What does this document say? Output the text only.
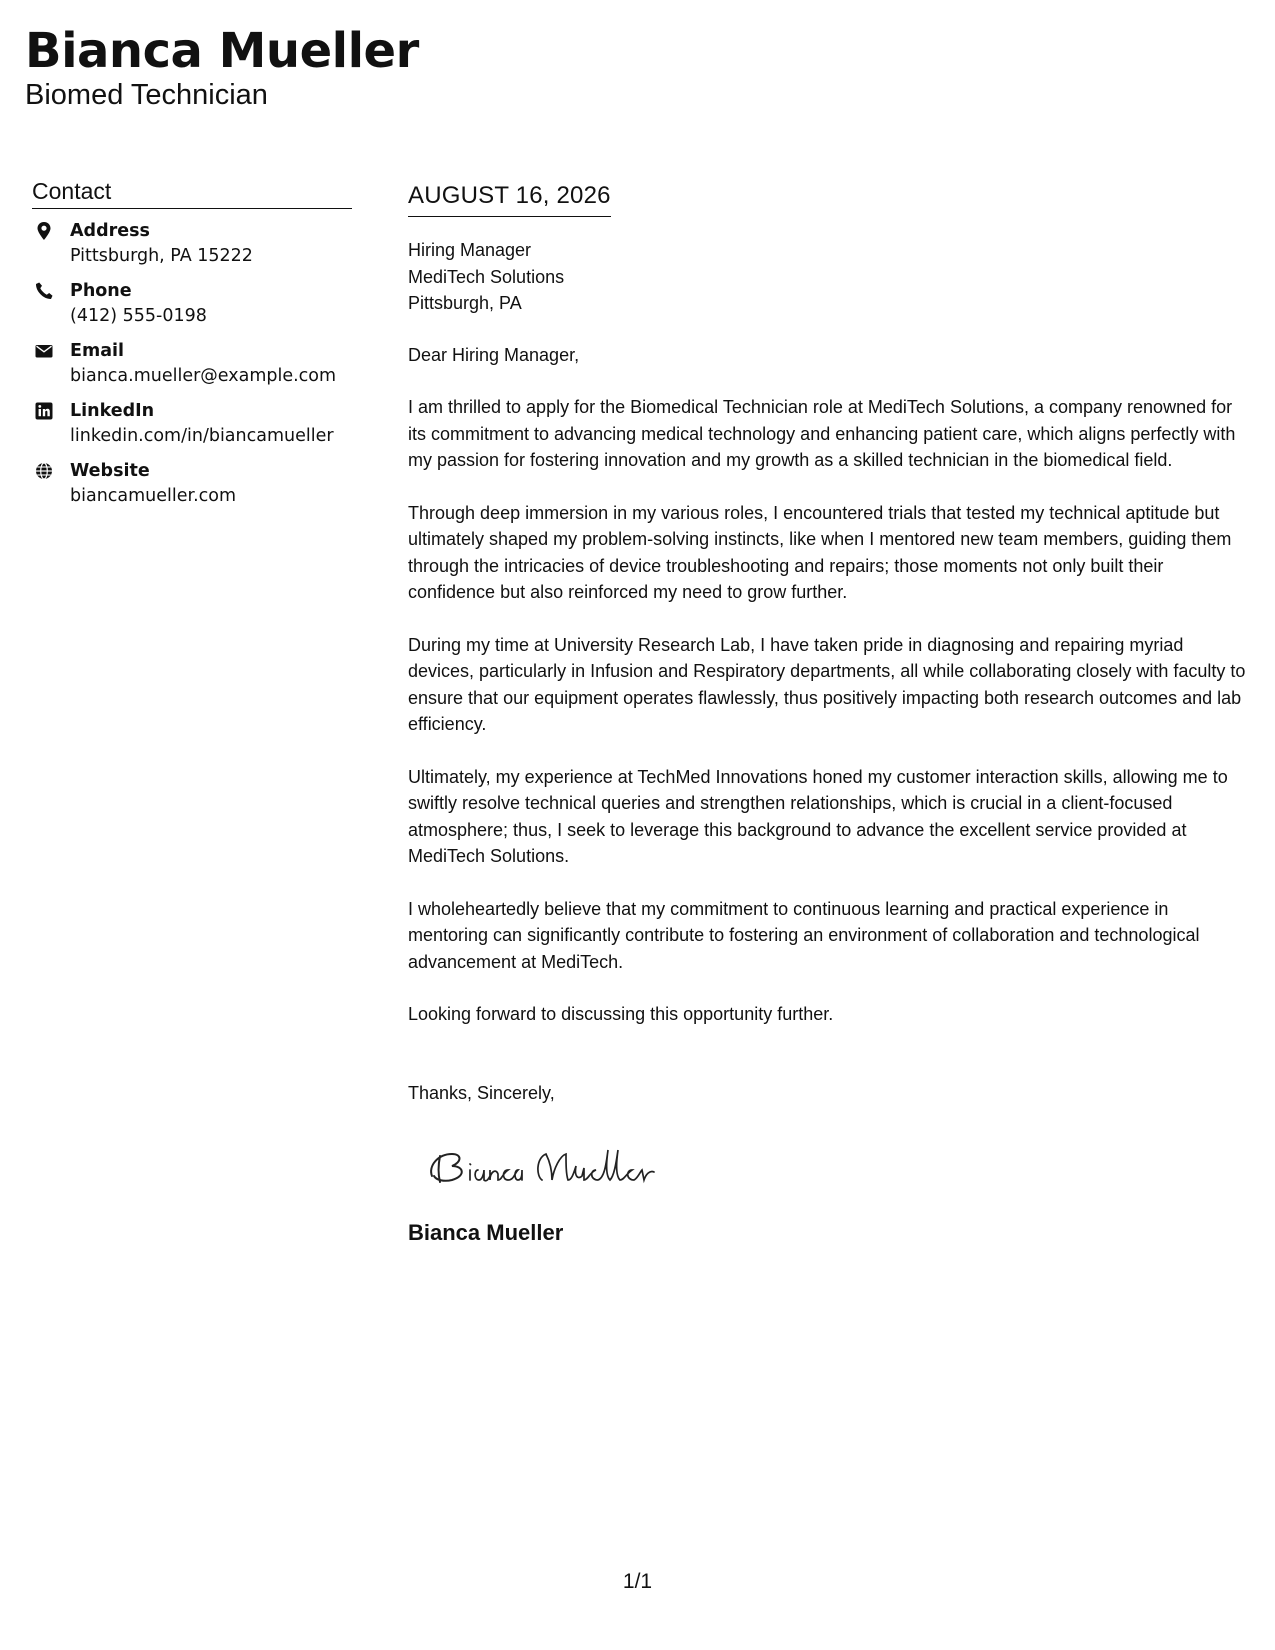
Bianca Mueller
Biomed Technician
Contact
Address
Pittsburgh, PA 15222
Phone
(412) 555-0198
Email
bianca.mueller@example.com
LinkedIn
linkedin.com/in/biancamueller
Website
biancamueller.com
AUGUST 16, 2026
Hiring Manager
MediTech Solutions
Pittsburgh, PA
Dear Hiring Manager,
I am thrilled to apply for the Biomedical Technician role at MediTech Solutions, a company renowned for its commitment to advancing medical technology and enhancing patient care, which aligns perfectly with my passion for fostering innovation and my growth as a skilled technician in the biomedical field.
Through deep immersion in my various roles, I encountered trials that tested my technical aptitude but ultimately shaped my problem-solving instincts, like when I mentored new team members, guiding them through the intricacies of device troubleshooting and repairs; those moments not only built their confidence but also reinforced my need to grow further.
During my time at University Research Lab, I have taken pride in diagnosing and repairing myriad devices, particularly in Infusion and Respiratory departments, all while collaborating closely with faculty to ensure that our equipment operates flawlessly, thus positively impacting both research outcomes and lab efficiency.
Ultimately, my experience at TechMed Innovations honed my customer interaction skills, allowing me to swiftly resolve technical queries and strengthen relationships, which is crucial in a client-focused atmosphere; thus, I seek to leverage this background to advance the excellent service provided at MediTech Solutions.
I wholeheartedly believe that my commitment to continuous learning and practical experience in mentoring can significantly contribute to fostering an environment of collaboration and technological advancement at MediTech.
Looking forward to discussing this opportunity further.
Thanks, Sincerely,
Bianca Mueller
1/1
